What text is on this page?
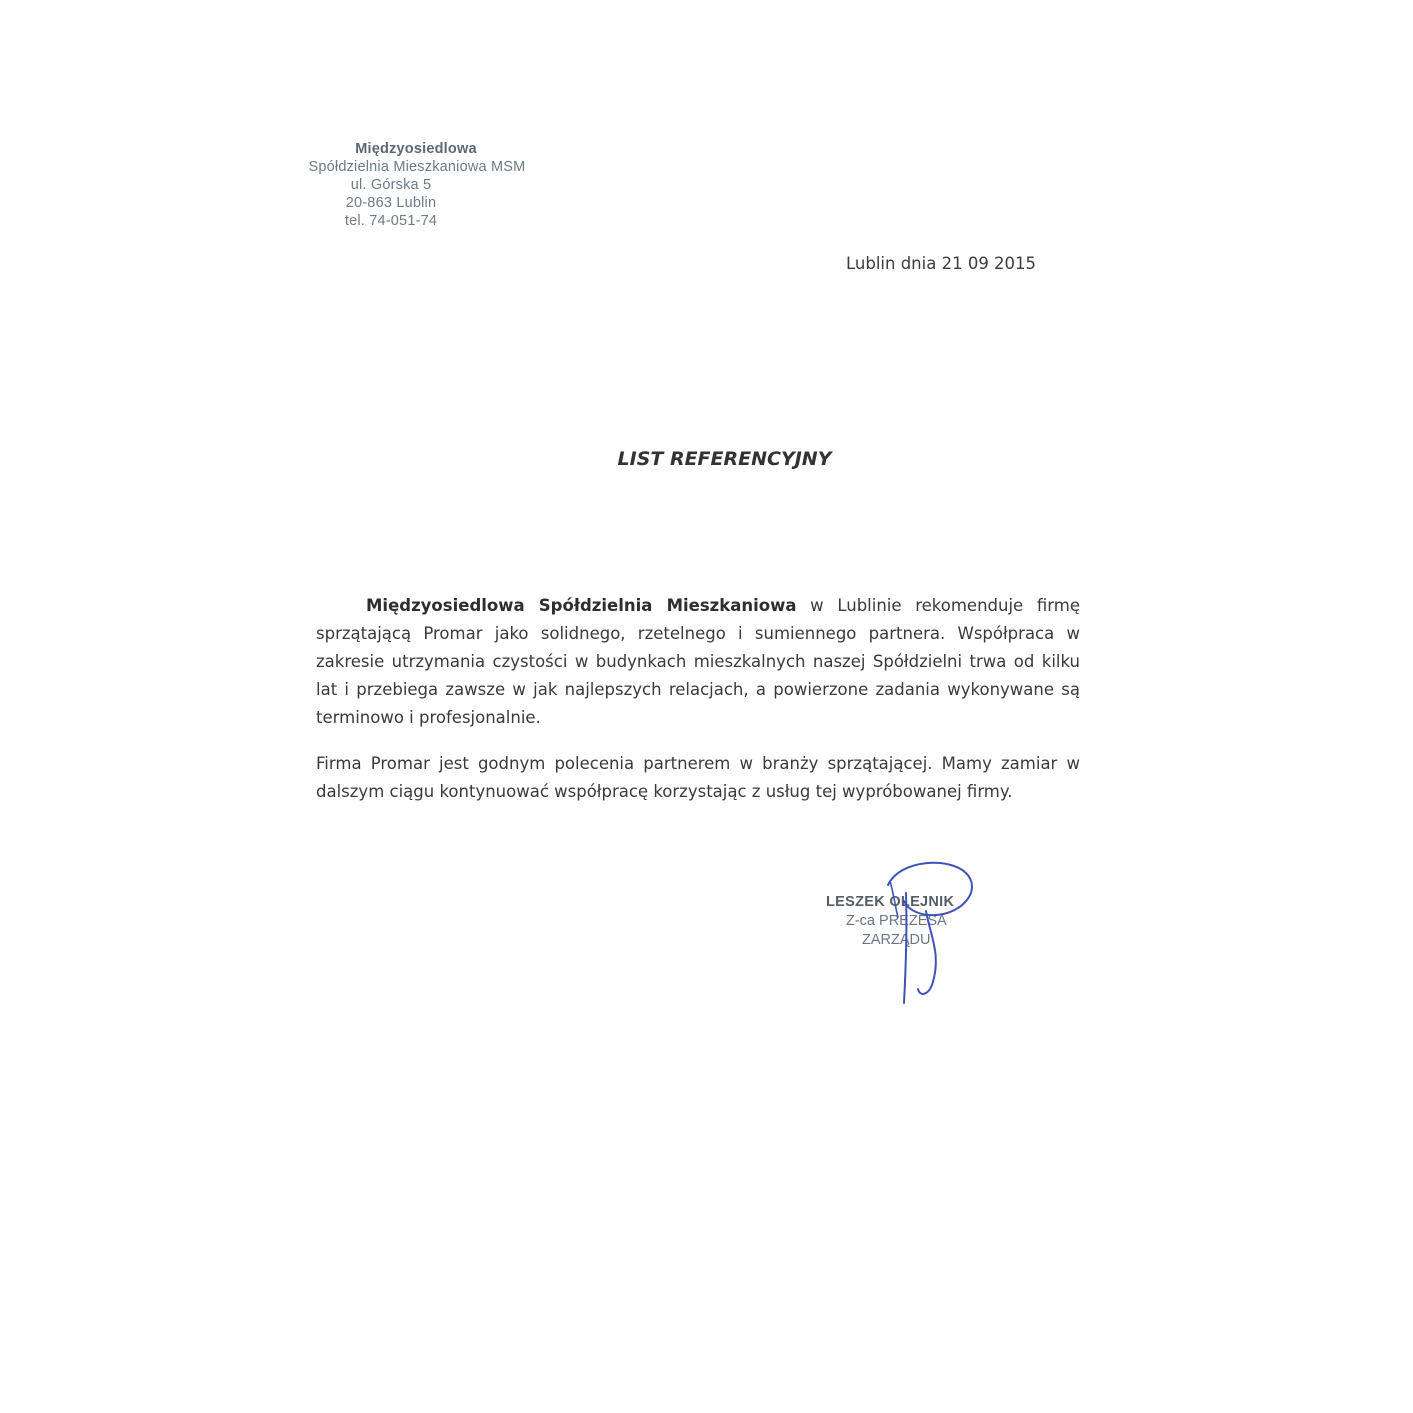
Międzyosiedlowa
Spółdzielnia Mieszkaniowa MSM
ul. Górska 5
20-863 Lublin
tel. 74-051-74
Lublin dnia 21 09 2015
LIST REFERENCYJNY

Międzyosiedlowa Spółdzielnia Mieszkaniowa w Lublinie rekomenduje firmę sprzątającą Promar jako solidnego, rzetelnego i sumiennego partnera. Współpraca w zakresie utrzymania czystości w budynkach mieszkalnych naszej Spółdzielni trwa od kilku lat i przebiega zawsze w jak najlepszych relacjach, a powierzone zadania wykonywane są terminowo i profesjonalnie.

Firma Promar jest godnym polecenia partnerem w branży sprzątającej. Mamy zamiar w dalszym ciągu kontynuować współpracę korzystając z usług tej wypróbowanej firmy.

LESZEK OLEJNIK
Z-ca PREZESA
ZARZĄDU
